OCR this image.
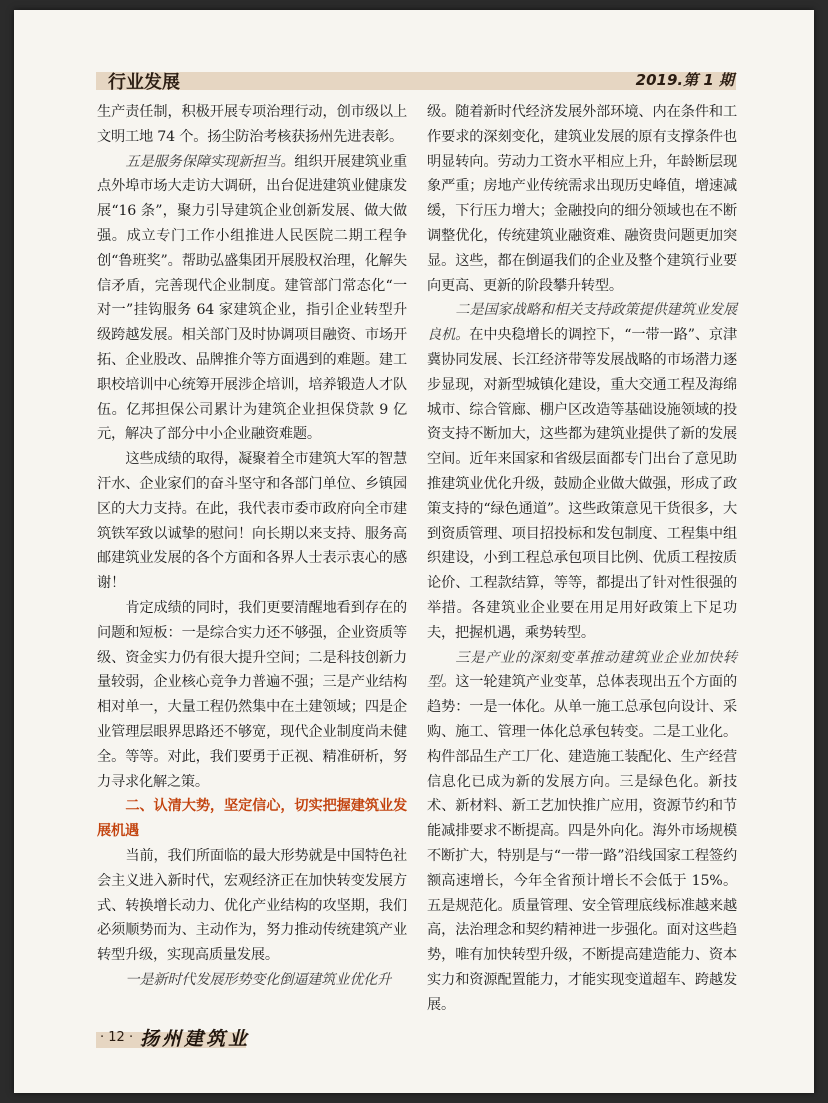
行业发展	2019.第 1 期

生产责任制，积极开展专项治理行动，创市级以上文明工地 74 个。扬尘防治考核获扬州先进表彰。

五是服务保障实现新担当。组织开展建筑业重点外埠市场大走访大调研，出台促进建筑业健康发展“16 条”，聚力引导建筑企业创新发展、做大做强。成立专门工作小组推进人民医院二期工程争创“鲁班奖”。帮助弘盛集团开展股权治理，化解失信矛盾，完善现代企业制度。建管部门常态化“一对一”挂钩服务 64 家建筑企业，指引企业转型升级跨越发展。相关部门及时协调项目融资、市场开拓、企业股改、品牌推介等方面遇到的难题。建工职校培训中心统筹开展涉企培训，培养锻造人才队伍。亿邦担保公司累计为建筑企业担保贷款 9 亿元，解决了部分中小企业融资难题。

这些成绩的取得，凝聚着全市建筑大军的智慧汗水、企业家们的奋斗坚守和各部门单位、乡镇园区的大力支持。在此，我代表市委市政府向全市建筑铁军致以诚挚的慰问！向长期以来支持、服务高邮建筑业发展的各个方面和各界人士表示衷心的感谢！

肯定成绩的同时，我们更要清醒地看到存在的问题和短板：一是综合实力还不够强，企业资质等级、资金实力仍有很大提升空间；二是科技创新力量较弱，企业核心竞争力普遍不强；三是产业结构相对单一，大量工程仍然集中在土建领域；四是企业管理层眼界思路还不够宽，现代企业制度尚未健全。等等。对此，我们要勇于正视、精准研析，努力寻求化解之策。

二、认清大势，坚定信心，切实把握建筑业发展机遇

当前，我们所面临的最大形势就是中国特色社会主义进入新时代，宏观经济正在加快转变发展方式、转换增长动力、优化产业结构的攻坚期，我们必须顺势而为、主动作为，努力推动传统建筑产业转型升级，实现高质量发展。

一是新时代发展形势变化倒逼建筑业优化升

级。随着新时代经济发展外部环境、内在条件和工作要求的深刻变化，建筑业发展的原有支撑条件也明显转向。劳动力工资水平相应上升，年龄断层现象严重；房地产业传统需求出现历史峰值，增速减缓，下行压力增大；金融投向的细分领域也在不断调整优化，传统建筑业融资难、融资贵问题更加突显。这些，都在倒逼我们的企业及整个建筑行业要向更高、更新的阶段攀升转型。

二是国家战略和相关支持政策提供建筑业发展良机。在中央稳增长的调控下，“一带一路”、京津冀协同发展、长江经济带等发展战略的市场潜力逐步显现，对新型城镇化建设，重大交通工程及海绵城市、综合管廊、棚户区改造等基础设施领域的投资支持不断加大，这些都为建筑业提供了新的发展空间。近年来国家和省级层面都专门出台了意见助推建筑业优化升级，鼓励企业做大做强，形成了政策支持的“绿色通道”。这些政策意见干货很多，大到资质管理、项目招投标和发包制度、工程集中组织建设，小到工程总承包项目比例、优质工程按质论价、工程款结算，等等，都提出了针对性很强的举措。各建筑业企业要在用足用好政策上下足功夫，把握机遇，乘势转型。

三是产业的深刻变革推动建筑业企业加快转型。这一轮建筑产业变革，总体表现出五个方面的趋势：一是一体化。从单一施工总承包向设计、采购、施工、管理一体化总承包转变。二是工业化。构件部品生产工厂化、建造施工装配化、生产经营信息化已成为新的发展方向。三是绿色化。新技术、新材料、新工艺加快推广应用，资源节约和节能减排要求不断提高。四是外向化。海外市场规模不断扩大，特别是与“一带一路”沿线国家工程签约额高速增长，今年全省预计增长不会低于 15%。五是规范化。质量管理、安全管理底线标准越来越高，法治理念和契约精神进一步强化。面对这些趋势，唯有加快转型升级，不断提高建造能力、资本实力和资源配置能力，才能实现变道超车、跨越发展。

· 12 · 扬州建筑业
